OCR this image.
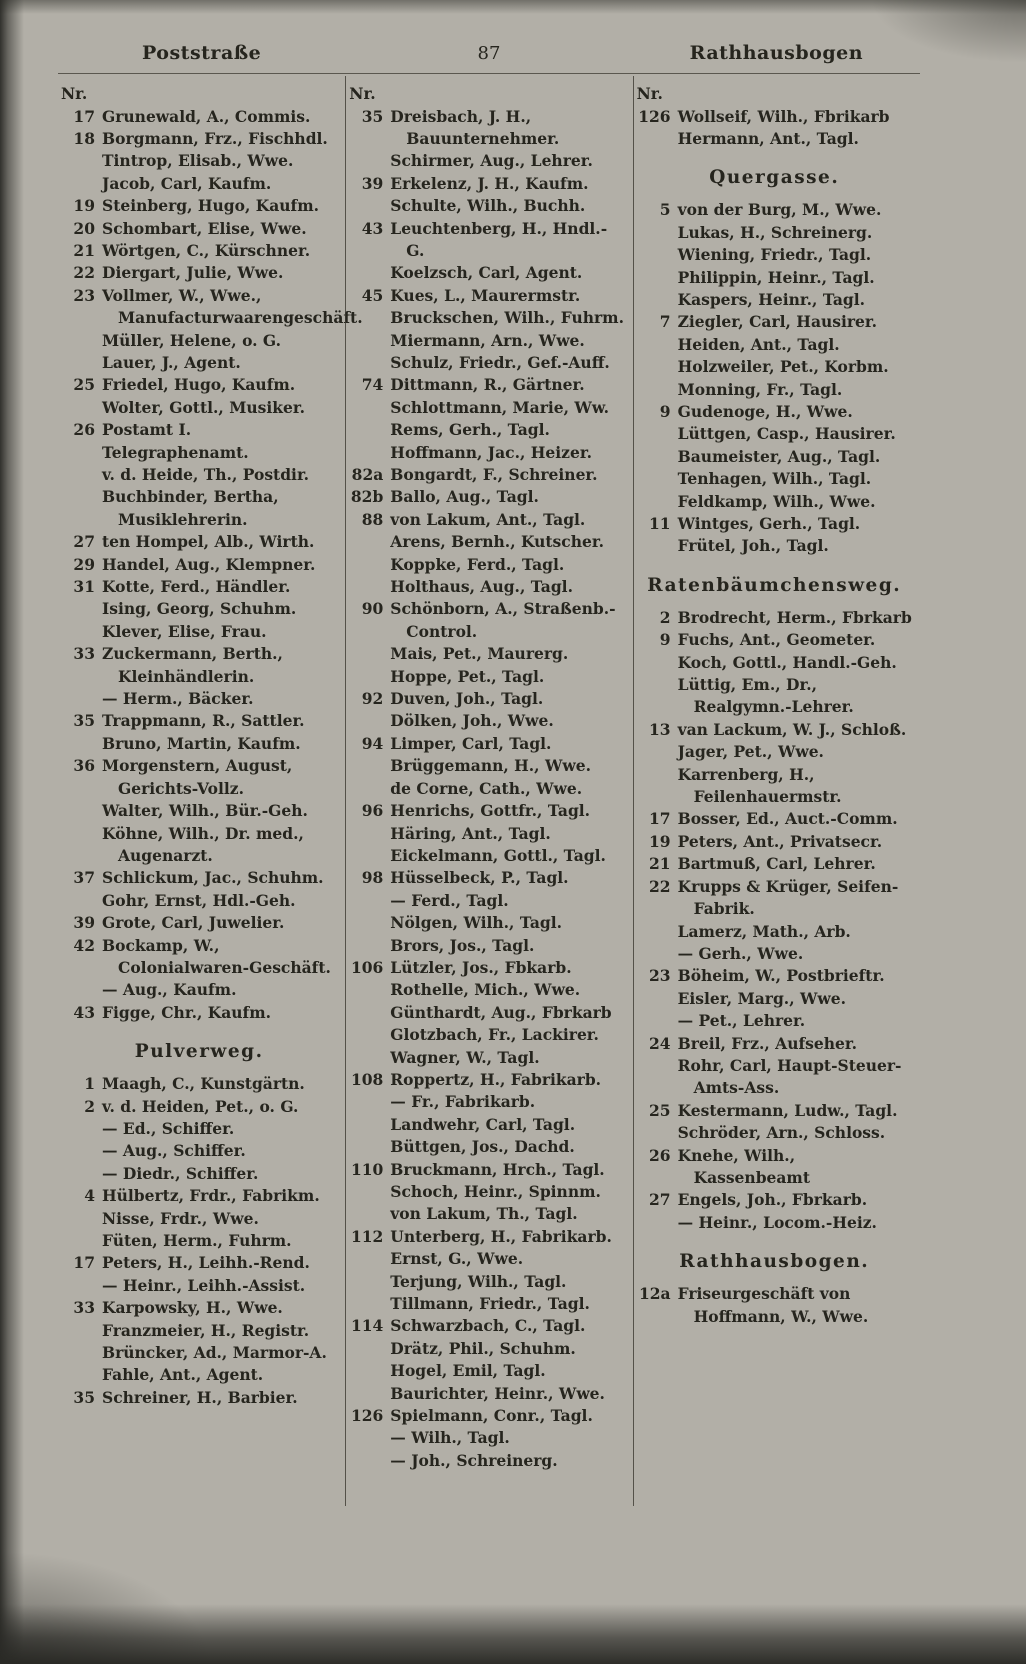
Poststraße	87	Rathhausbogen
Nr.
17 Grunewald, A., Commis.
18 Borgmann, Frz., Fischhdl.
Tintrop, Elisab., Wwe.
Jacob, Carl, Kaufm.
19 Steinberg, Hugo, Kaufm.
20 Schombart, Elise, Wwe.
21 Wörtgen, C., Kürschner.
22 Diergart, Julie, Wwe.
23 Vollmer, W., Wwe., Manufacturwaarengeschäft.
Müller, Helene, o. G.
Lauer, J., Agent.
25 Friedel, Hugo, Kaufm.
Wolter, Gottl., Musiker.
26 Postamt I.
Telegraphenamt.
v. d. Heide, Th., Postdir.
Buchbinder, Bertha, Musiklehrerin.
27 ten Hompel, Alb., Wirth.
29 Handel, Aug., Klempner.
31 Kotte, Ferd., Händler.
Ising, Georg, Schuhm.
Klever, Elise, Frau.
33 Zuckermann, Berth., Kleinhändlerin.
— Herm., Bäcker.
35 Trappmann, R., Sattler.
Bruno, Martin, Kaufm.
36 Morgenstern, August, Gerichts-Vollz.
Walter, Wilh., Bür.-Geh.
Köhne, Wilh., Dr. med., Augenarzt.
37 Schlickum, Jac., Schuhm.
Gohr, Ernst, Hdl.-Geh.
39 Grote, Carl, Juwelier.
42 Bockamp, W., Colonialwaren-Geschäft.
— Aug., Kaufm.
43 Figge, Chr., Kaufm.
Pulverweg.
1 Maagh, C., Kunstgärtn.
2 v. d. Heiden, Pet., o. G.
— Ed., Schiffer.
— Aug., Schiffer.
— Diedr., Schiffer.
4 Hülbertz, Frdr., Fabrikm.
Nisse, Frdr., Wwe.
Füten, Herm., Fuhrm.
17 Peters, H., Leihh.-Rend.
— Heinr., Leihh.-Assist.
33 Karpowsky, H., Wwe.
Franzmeier, H., Registr.
Brüncker, Ad., Marmor-A.
Fahle, Ant., Agent.
35 Schreiner, H., Barbier.
Nr.
35 Dreisbach, J. H., Bauunternehmer.
Schirmer, Aug., Lehrer.
39 Erkelenz, J. H., Kaufm.
Schulte, Wilh., Buchh.
43 Leuchtenberg, H., Hndl.-G.
Koelzsch, Carl, Agent.
45 Kues, L., Maurermstr.
Bruckschen, Wilh., Fuhrm.
Miermann, Arn., Wwe.
Schulz, Friedr., Gef.-Auff.
74 Dittmann, R., Gärtner.
Schlottmann, Marie, Ww.
Rems, Gerh., Tagl.
Hoffmann, Jac., Heizer.
82a Bongardt, F., Schreiner.
82b Ballo, Aug., Tagl.
88 von Lakum, Ant., Tagl.
Arens, Bernh., Kutscher.
Koppke, Ferd., Tagl.
Holthaus, Aug., Tagl.
90 Schönborn, A., Straßenb.-Control.
Mais, Pet., Maurerg.
Hoppe, Pet., Tagl.
92 Duven, Joh., Tagl.
Dölken, Joh., Wwe.
94 Limper, Carl, Tagl.
Brüggemann, H., Wwe.
de Corne, Cath., Wwe.
96 Henrichs, Gottfr., Tagl.
Häring, Ant., Tagl.
Eickelmann, Gottl., Tagl.
98 Hüsselbeck, P., Tagl.
— Ferd., Tagl.
Nölgen, Wilh., Tagl.
Brors, Jos., Tagl.
106 Lützler, Jos., Fbkarb.
Rothelle, Mich., Wwe.
Günthardt, Aug., Fbrkarb
Glotzbach, Fr., Lackirer.
Wagner, W., Tagl.
108 Roppertz, H., Fabrikarb.
— Fr., Fabrikarb.
Landwehr, Carl, Tagl.
Büttgen, Jos., Dachd.
110 Bruckmann, Hrch., Tagl.
Schoch, Heinr., Spinnm.
von Lakum, Th., Tagl.
112 Unterberg, H., Fabrikarb.
Ernst, G., Wwe.
Terjung, Wilh., Tagl.
Tillmann, Friedr., Tagl.
114 Schwarzbach, C., Tagl.
Drätz, Phil., Schuhm.
Hogel, Emil, Tagl.
Baurichter, Heinr., Wwe.
126 Spielmann, Conr., Tagl.
— Wilh., Tagl.
— Joh., Schreinerg.
Nr.
126 Wollseif, Wilh., Fbrikarb
Hermann, Ant., Tagl.
Quergasse.
5 von der Burg, M., Wwe.
Lukas, H., Schreinerg.
Wiening, Friedr., Tagl.
Philippin, Heinr., Tagl.
Kaspers, Heinr., Tagl.
7 Ziegler, Carl, Hausirer.
Heiden, Ant., Tagl.
Holzweiler, Pet., Korbm.
Monning, Fr., Tagl.
9 Gudenoge, H., Wwe.
Lüttgen, Casp., Hausirer.
Baumeister, Aug., Tagl.
Tenhagen, Wilh., Tagl.
Feldkamp, Wilh., Wwe.
11 Wintges, Gerh., Tagl.
Frütel, Joh., Tagl.
Ratenbäumchensweg.
2 Brodrecht, Herm., Fbrkarb
9 Fuchs, Ant., Geometer.
Koch, Gottl., Handl.-Geh.
Lüttig, Em., Dr., Realgymn.-Lehrer.
13 van Lackum, W. J., Schloß.
Jager, Pet., Wwe.
Karrenberg, H., Feilenhauermstr.
17 Bosser, Ed., Auct.-Comm.
19 Peters, Ant., Privatsecr.
21 Bartmuß, Carl, Lehrer.
22 Krupps & Krüger, Seifen-Fabrik.
Lamerz, Math., Arb.
— Gerh., Wwe.
23 Böheim, W., Postbrieftr.
Eisler, Marg., Wwe.
— Pet., Lehrer.
24 Breil, Frz., Aufseher.
Rohr, Carl, Haupt-Steuer-Amts-Ass.
25 Kestermann, Ludw., Tagl.
Schröder, Arn., Schloss.
26 Knehe, Wilh., Kassenbeamt
27 Engels, Joh., Fbrkarb.
— Heinr., Locom.-Heiz.
Rathhausbogen.
12a Friseurgeschäft von Hoffmann, W., Wwe.
